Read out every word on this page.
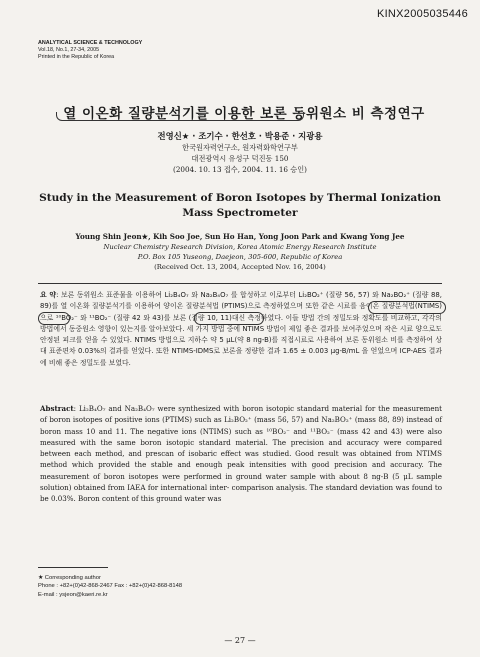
KINX2005035446
ANALYTICAL SCIENCE & TECHNOLOGY
Vol.18, No.1, 27-34, 2005
Printed in the Republic of Korea
열 이온화 질량분석기를 이용한 보론 동위원소 비 측정연구
전영신★ · 조기수 · 한선호 · 박용준 · 지광용
한국원자력연구소, 원자력화학연구부
대전광역시 유성구 덕진동 150
(2004. 10. 13 접수, 2004. 11. 16 승인)
Study in the Measurement of Boron Isotopes by Thermal Ionization Mass Spectrometer
Young Shin Jeon★, Kih Soo Joe, Sun Ho Han, Yong Joon Park and Kwang Yong Jee
Nuclear Chemistry Research Division, Korea Atomic Energy Research Institute
P.O. Box 105 Yuseong, Daejeon, 305-600, Republic of Korea
(Received Oct. 13, 2004, Accepted Nov. 16, 2004)
요 약: 보론 동위원소 표준물을 이용하여 Li₂B₄O₇ 와 Na₂B₄O₇ 를 합성하고 이로부터 Li₂BO₂⁺ (질량 56, 57) 와 Na₂BO₂⁺ (질량 88, 89)를 열 이온화 질량분석기를 이용하여 양이온 질량분석법 (PTIMS)으로 측정하였으며 또한 같은 시료를 음이온 질량분석법(NTIMS)으로 ¹⁰BO₂⁻ 와 ¹¹BO₂⁻ (질량 42 와 43)를 보론 (질량 10, 11)대신 측정하였다. 이들 방법 간의 정밀도와 정확도를 비교하고, 각각의 방법에서 동중원소 영향이 있는지를 알아보았다. 세 가지 방법 중에 NTIMS 방법이 제일 좋은 결과를 보여주었으며 작은 시료 양으로도 안정된 피크를 얻을 수 있었다. NTIMS 방법으로 지하수 약 5 μL(약 8 ng-B)를 직접시료로 사용하여 보론 동위원소 비를 측정하여 상대 표준편차 0.03%의 결과를 얻었다. 또한 NTIMS-IDMS로 보론을 정량한 결과 1.65 ± 0.003 μg-B/mL 을 얻었으며 ICP-AES 결과에 비해 좋은 정밀도를 보였다.
Abstract: Li₂B₄O₇ and Na₂B₄O₇ were synthesized with boron isotopic standard material for the measurement of boron isotopes of positive ions (PTIMS) such as Li₂BO₂⁺ (mass 56, 57) and Na₂BO₂⁺ (mass 88, 89) instead of boron mass 10 and 11. The negative ions (NTIMS) such as ¹⁰BO₂⁻ and ¹¹BO₂⁻ (mass 42 and 43) were also measured with the same boron isotopic standard material. The precision and accuracy were compared between each method, and prescan of isobaric effect was studied. Good result was obtained from NTIMS method which provided the stable and enough peak intensities with good precision and accuracy. The measurement of boron isotopes were performed in ground water sample with about 8 ng-B (5 μL sample solution) obtained from IAEA for international inter- comparison analysis. The standard deviation was found to be 0.03%. Boron content of this ground water was
★ Corresponding author
Phone : +82+(0)42-868-2467 Fax : +82+(0)42-868-8148
E-mail : ysjeon@kaeri.re.kr
— 27 —
